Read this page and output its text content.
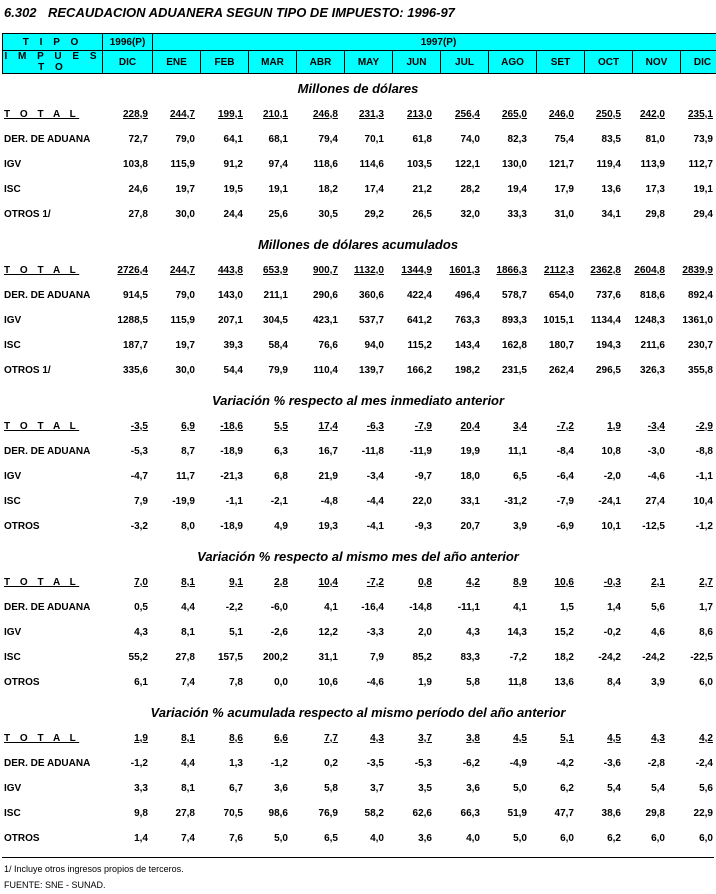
6.302 RECAUDACION ADUANERA SEGUN TIPO DE IMPUESTO: 1996-97
T I P O	1996(P)	1997(P)											
I M P U E S T O	DIC	ENE	FEB	MAR	ABR	MAY	JUN	JUL	AGO	SET	OCT	NOV	DIC
Millones de dólares
T O T A L	228,9	244,7	199,1	210,1	246,8	231,3	213,0	256,4	265,0	246,0	250,5	242,0	235,1
DER. DE ADUANA	72,7	79,0	64,1	68,1	79,4	70,1	61,8	74,0	82,3	75,4	83,5	81,0	73,9
IGV	103,8	115,9	91,2	97,4	118,6	114,6	103,5	122,1	130,0	121,7	119,4	113,9	112,7
ISC	24,6	19,7	19,5	19,1	18,2	17,4	21,2	28,2	19,4	17,9	13,6	17,3	19,1
OTROS 1/	27,8	30,0	24,4	25,6	30,5	29,2	26,5	32,0	33,3	31,0	34,1	29,8	29,4
Millones de dólares acumulados
T O T A L	2726,4	244,7	443,8	653,9	900,7	1132,0	1344,9	1601,3	1866,3	2112,3	2362,8	2604,8	2839,9
DER. DE ADUANA	914,5	79,0	143,0	211,1	290,6	360,6	422,4	496,4	578,7	654,0	737,6	818,6	892,4
IGV	1288,5	115,9	207,1	304,5	423,1	537,7	641,2	763,3	893,3	1015,1	1134,4	1248,3	1361,0
ISC	187,7	19,7	39,3	58,4	76,6	94,0	115,2	143,4	162,8	180,7	194,3	211,6	230,7
OTROS 1/	335,6	30,0	54,4	79,9	110,4	139,7	166,2	198,2	231,5	262,4	296,5	326,3	355,8
Variación % respecto al mes inmediato anterior
T O T A L	-3,5	6,9	-18,6	5,5	17,4	-6,3	-7,9	20,4	3,4	-7,2	1,9	-3,4	-2,9
DER. DE ADUANA	-5,3	8,7	-18,9	6,3	16,7	-11,8	-11,9	19,9	11,1	-8,4	10,8	-3,0	-8,8
IGV	-4,7	11,7	-21,3	6,8	21,9	-3,4	-9,7	18,0	6,5	-6,4	-2,0	-4,6	-1,1
ISC	7,9	-19,9	-1,1	-2,1	-4,8	-4,4	22,0	33,1	-31,2	-7,9	-24,1	27,4	10,4
OTROS	-3,2	8,0	-18,9	4,9	19,3	-4,1	-9,3	20,7	3,9	-6,9	10,1	-12,5	-1,2
Variación % respecto al mismo mes del año anterior
T O T A L	7,0	8,1	9,1	2,8	10,4	-7,2	0,8	4,2	8,9	10,6	-0,3	2,1	2,7
DER. DE ADUANA	0,5	4,4	-2,2	-6,0	4,1	-16,4	-14,8	-11,1	4,1	1,5	1,4	5,6	1,7
IGV	4,3	8,1	5,1	-2,6	12,2	-3,3	2,0	4,3	14,3	15,2	-0,2	4,6	8,6
ISC	55,2	27,8	157,5	200,2	31,1	7,9	85,2	83,3	-7,2	18,2	-24,2	-24,2	-22,5
OTROS	6,1	7,4	7,8	0,0	10,6	-4,6	1,9	5,8	11,8	13,6	8,4	3,9	6,0
Variación % acumulada respecto al mismo período del año anterior
T O T A L	1,9	8,1	8,6	6,6	7,7	4,3	3,7	3,8	4,5	5,1	4,5	4,3	4,2
DER. DE ADUANA	-1,2	4,4	1,3	-1,2	0,2	-3,5	-5,3	-6,2	-4,9	-4,2	-3,6	-2,8	-2,4
IGV	3,3	8,1	6,7	3,6	5,8	3,7	3,5	3,6	5,0	6,2	5,4	5,4	5,6
ISC	9,8	27,8	70,5	98,6	76,9	58,2	62,6	66,3	51,9	47,7	38,6	29,8	22,9
OTROS	1,4	7,4	7,6	5,0	6,5	4,0	3,6	4,0	5,0	6,0	6,2	6,0	6,0
1/ Incluye otros ingresos propios de terceros.
FUENTE: SNE - SUNAD.
